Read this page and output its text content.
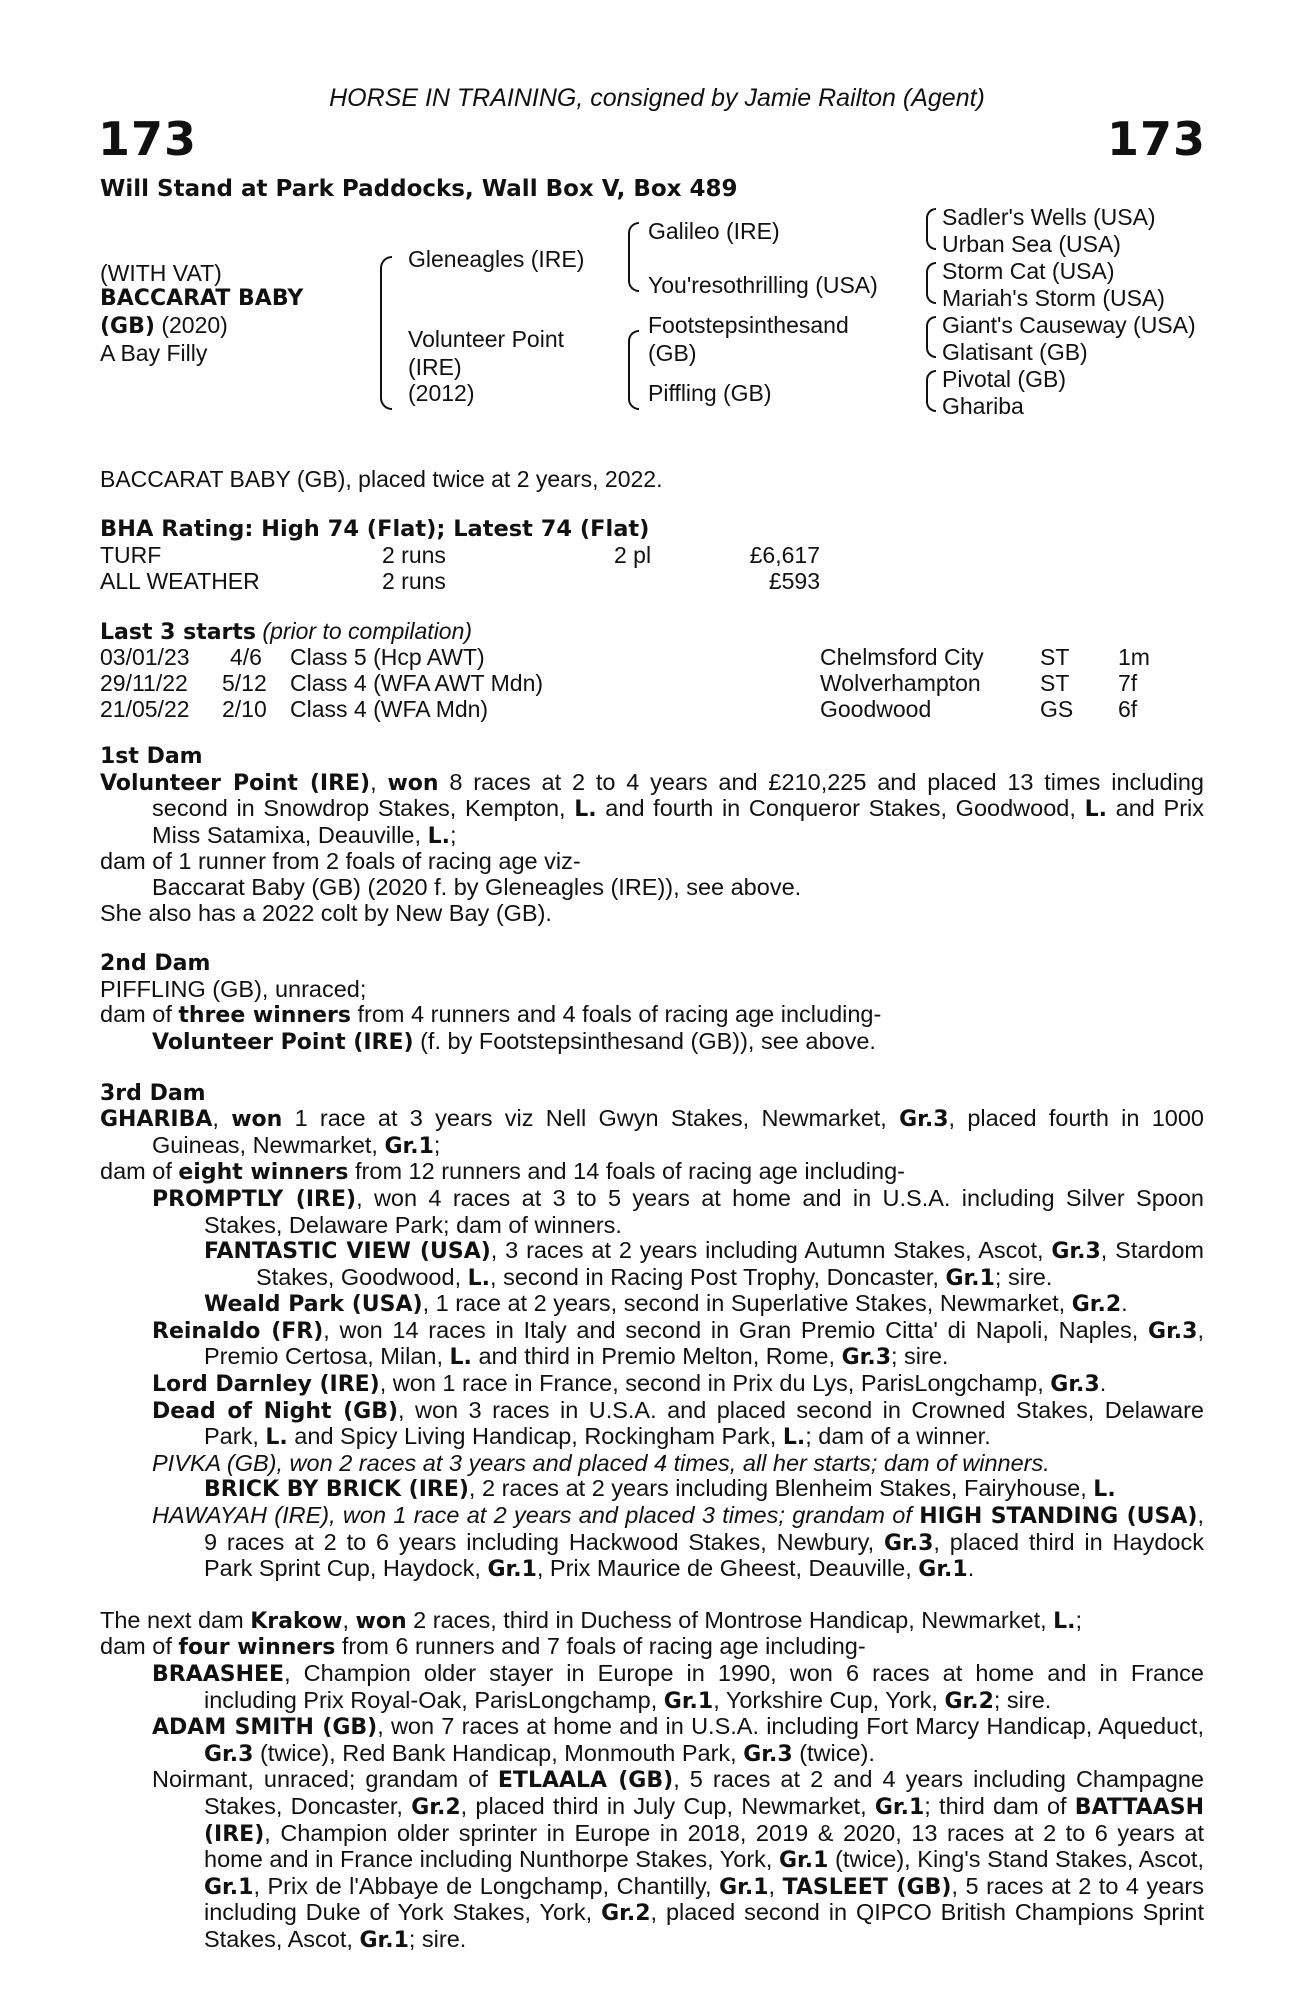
HORSE IN TRAINING, consigned by Jamie Railton (Agent)
173	173
Will Stand at Park Paddocks, Wall Box V, Box 489
(WITH VAT)
BACCARAT BABY
(GB) (2020)
A Bay Filly
Gleneagles (IRE)
Volunteer Point
(IRE)
(2012)
Galileo (IRE)
You'resothrilling (USA)
Footstepsinthesand
(GB)
Piffling (GB)
Sadler's Wells (USA)
Urban Sea (USA)
Storm Cat (USA)
Mariah's Storm (USA)
Giant's Causeway (USA)
Glatisant (GB)
Pivotal (GB)
Ghariba
BACCARAT BABY (GB), placed twice at 2 years, 2022.
BHA Rating: High 74 (Flat); Latest 74 (Flat)
TURF	2 runs	2 pl	£6,617
ALL WEATHER	2 runs	£593
Last 3 starts (prior to compilation)
03/01/23 4/6 Class 5 (Hcp AWT)	Chelmsford City ST 1m
29/11/22 5/12 Class 4 (WFA AWT Mdn)	Wolverhampton	ST 7f
21/05/22 2/10 Class 4 (WFA Mdn)	Goodwood	GS 6f
1st Dam
Volunteer Point (IRE), won 8 races at 2 to 4 years and £210,225 and placed 13 times including second in Snowdrop Stakes, Kempton, L. and fourth in Conqueror Stakes, Goodwood, L. and Prix Miss Satamixa, Deauville, L.;
dam of 1 runner from 2 foals of racing age viz-
Baccarat Baby (GB) (2020 f. by Gleneagles (IRE)), see above.
She also has a 2022 colt by New Bay (GB).
2nd Dam
PIFFLING (GB), unraced;
dam of three winners from 4 runners and 4 foals of racing age including-
Volunteer Point (IRE) (f. by Footstepsinthesand (GB)), see above.
3rd Dam
GHARIBA, won 1 race at 3 years viz Nell Gwyn Stakes, Newmarket, Gr.3, placed fourth in 1000 Guineas, Newmarket, Gr.1;
dam of eight winners from 12 runners and 14 foals of racing age including-
PROMPTLY (IRE), won 4 races at 3 to 5 years at home and in U.S.A. including Silver Spoon Stakes, Delaware Park; dam of winners.
FANTASTIC VIEW (USA), 3 races at 2 years including Autumn Stakes, Ascot, Gr.3, Stardom Stakes, Goodwood, L., second in Racing Post Trophy, Doncaster, Gr.1; sire.
Weald Park (USA), 1 race at 2 years, second in Superlative Stakes, Newmarket, Gr.2.
Reinaldo (FR), won 14 races in Italy and second in Gran Premio Citta' di Napoli, Naples, Gr.3, Premio Certosa, Milan, L. and third in Premio Melton, Rome, Gr.3; sire.
Lord Darnley (IRE), won 1 race in France, second in Prix du Lys, ParisLongchamp, Gr.3.
Dead of Night (GB), won 3 races in U.S.A. and placed second in Crowned Stakes, Delaware Park, L. and Spicy Living Handicap, Rockingham Park, L.; dam of a winner.
PIVKA (GB), won 2 races at 3 years and placed 4 times, all her starts; dam of winners.
BRICK BY BRICK (IRE), 2 races at 2 years including Blenheim Stakes, Fairyhouse, L.
HAWAYAH (IRE), won 1 race at 2 years and placed 3 times; grandam of HIGH STANDING (USA), 9 races at 2 to 6 years including Hackwood Stakes, Newbury, Gr.3, placed third in Haydock Park Sprint Cup, Haydock, Gr.1, Prix Maurice de Gheest, Deauville, Gr.1.
The next dam Krakow, won 2 races, third in Duchess of Montrose Handicap, Newmarket, L.;
dam of four winners from 6 runners and 7 foals of racing age including-
BRAASHEE, Champion older stayer in Europe in 1990, won 6 races at home and in France including Prix Royal-Oak, ParisLongchamp, Gr.1, Yorkshire Cup, York, Gr.2; sire.
ADAM SMITH (GB), won 7 races at home and in U.S.A. including Fort Marcy Handicap, Aqueduct, Gr.3 (twice), Red Bank Handicap, Monmouth Park, Gr.3 (twice).
Noirmant, unraced; grandam of ETLAALA (GB), 5 races at 2 and 4 years including Champagne Stakes, Doncaster, Gr.2, placed third in July Cup, Newmarket, Gr.1; third dam of BATTAASH (IRE), Champion older sprinter in Europe in 2018, 2019 & 2020, 13 races at 2 to 6 years at home and in France including Nunthorpe Stakes, York, Gr.1 (twice), King's Stand Stakes, Ascot, Gr.1, Prix de l'Abbaye de Longchamp, Chantilly, Gr.1, TASLEET (GB), 5 races at 2 to 4 years including Duke of York Stakes, York, Gr.2, placed second in QIPCO British Champions Sprint Stakes, Ascot, Gr.1; sire.
